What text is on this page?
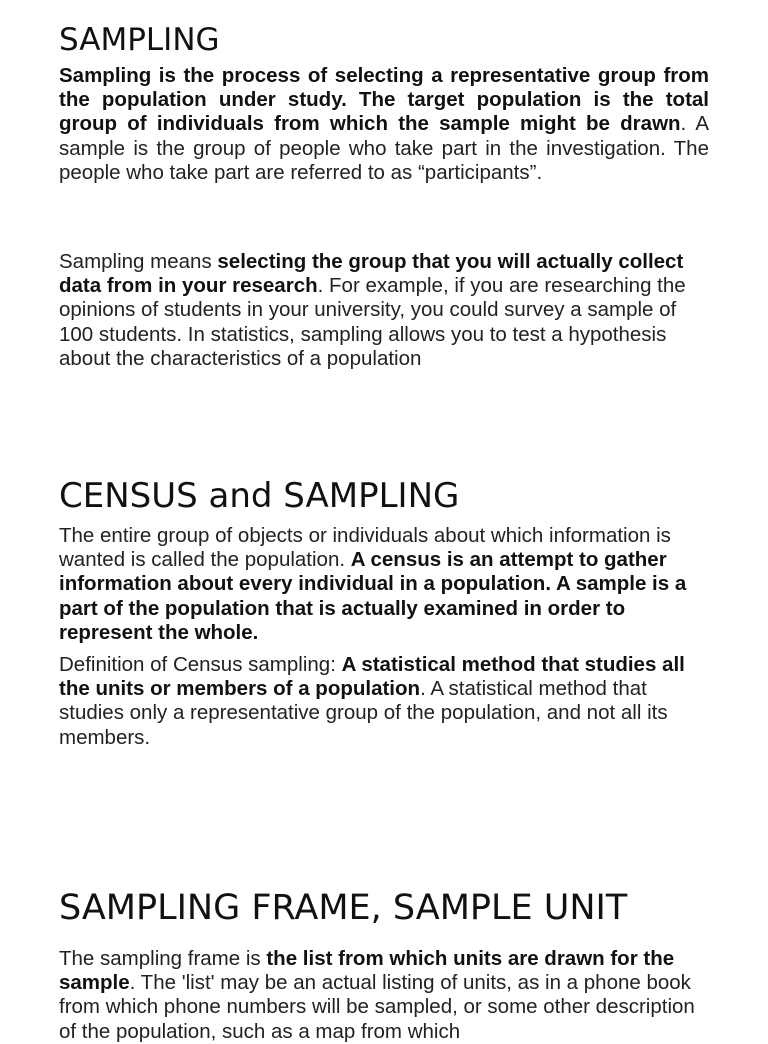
SAMPLING

Sampling is the process of selecting a representative group from the population under study. The target population is the total group of individuals from which the sample might be drawn. A sample is the group of people who take part in the investigation. The people who take part are referred to as “participants”.

Sampling means selecting the group that you will actually collect data from in your research. For example, if you are researching the opinions of students in your university, you could survey a sample of 100 students. In statistics, sampling allows you to test a hypothesis about the characteristics of a population

CENSUS and SAMPLING

The entire group of objects or individuals about which information is wanted is called the population. A census is an attempt to gather information about every individual in a population. A sample is a part of the population that is actually examined in order to represent the whole.

Definition of Census sampling: A statistical method that studies all the units or members of a population. A statistical method that studies only a representative group of the population, and not all its members.

SAMPLING FRAME, SAMPLE UNIT

The sampling frame is the list from which units are drawn for the sample. The 'list' may be an actual listing of units, as in a phone book from which phone numbers will be sampled, or some other description of the population, such as a map from which
